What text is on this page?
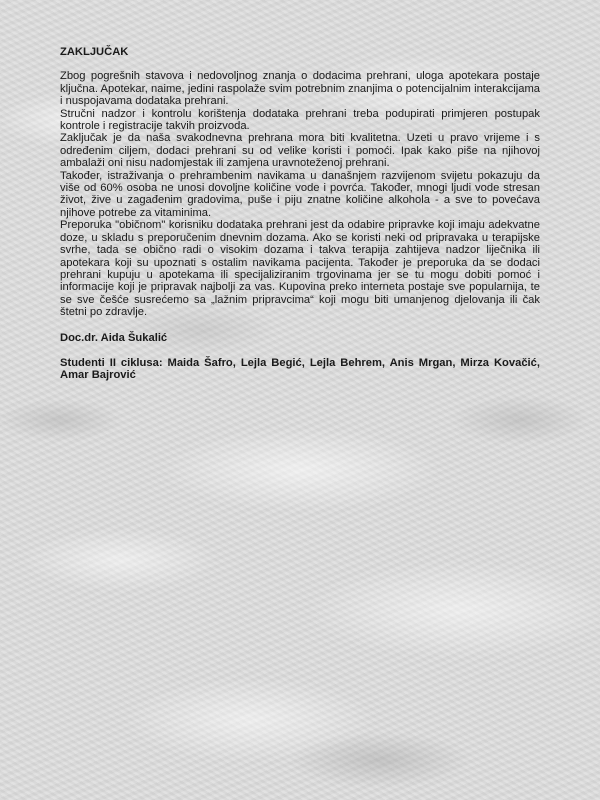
ZAKLJUČAK

Zbog pogrešnih stavova i nedovoljnog znanja o dodacima prehrani, uloga apotekara postaje ključna. Apotekar, naime, jedini raspolaže svim potrebnim znanjima o potencijalnim interakcijama i nuspojavama dodataka prehrani.

Stručni nadzor i kontrolu korištenja dodataka prehrani treba podupirati primjeren postupak kontrole i registracije takvih proizvoda.

Zaključak je da naša svakodnevna prehrana mora biti kvalitetna. Uzeti u pravo vrijeme i s određenim ciljem, dodaci prehrani su od velike koristi i pomoći. Ipak kako piše na njihovoj ambalaži oni nisu nadomjestak ili zamjena uravnoteženoj prehrani.

Također, istraživanja o prehrambenim navikama u današnjem razvijenom svijetu pokazuju da više od 60% osoba ne unosi dovoljne količine vode i povrća. Također, mnogi ljudi vode stresan život, žive u zagađenim gradovima, puše i piju znatne količine alkohola - a sve to povećava njihove potrebe za vitaminima.

Preporuka "običnom" korisniku dodataka prehrani jest da odabire pripravke koji imaju adekvatne doze, u skladu s preporučenim dnevnim dozama. Ako se koristi neki od pripravaka u terapijske svrhe, tada se obično radi o visokim dozama i takva terapija zahtijeva nadzor liječnika ili apotekara koji su upoznati s ostalim navikama pacijenta. Također je preporuka da se dodaci prehrani kupuju u apotekama ili specijaliziranim trgovinama jer se tu mogu dobiti pomoć i informacije koji je pripravak najbolji za vas. Kupovina preko interneta postaje sve popularnija, te se sve češće susrećemo sa „lažnim pripravcima“ koji mogu biti umanjenog djelovanja ili čak štetni po zdravlje.

Doc.dr. Aida Šukalić

Studenti II ciklusa: Maida Šafro, Lejla Begić, Lejla Behrem, Anis Mrgan, Mirza Kovačić, Amar Bajrović
